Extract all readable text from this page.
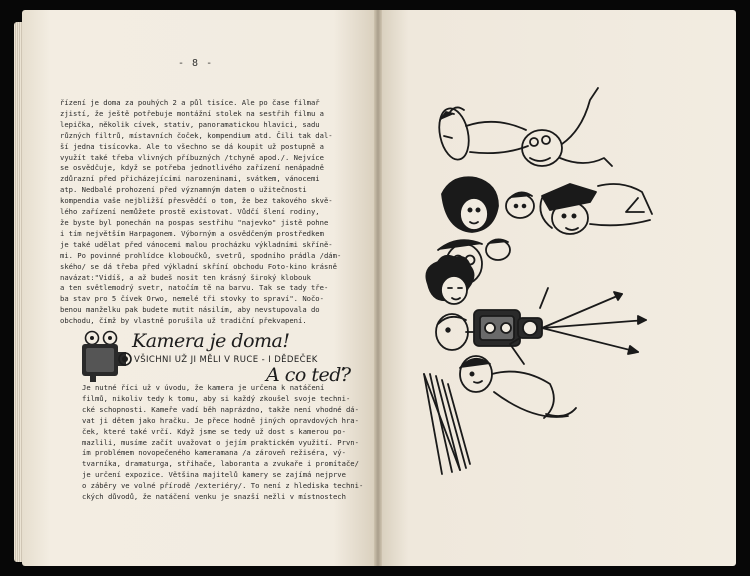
- 8 -
řízení je doma za pouhých 2 a půl tisíce. Ale po čase filmař
zjistí, že ještě potřebuje montážní stolek na sestřih filmu a
lepička, několik cívek, stativ, panoramatickou hlavici, sadu
různých filtrů, místavních čoček, kompendium atd. Čili tak dal-
ší jedna tisícovka. Ale to všechno se dá koupit už postupně a
využít také třeba vlivných příbuzných /tchyně apod./. Nejvíce
se osvědčuje, když se potřeba jednotlivého zařízení nenápadně
zdůrazní před přicházejícími narozeninami, svátkem, vánocemi
atp. Nedbalé prohození před významným datem o užitečnosti
kompendia vaše nejbližší přesvědčí o tom, že bez takového skvě-
lého zařízení nemůžete prostě existovat. Vůdčí šlení rodiny,
že byste byl ponechán na pospas sestřihu "najevko" jistě pohne
i tím největším Harpagonem. Výborným a osvědčeným prostředkem
je také udělat před vánocemi malou procházku výkladními skříně-
mi. Po povinné prohlídce kloboučků, svetrů, spodního prádla /dám-
ského/ se dá třeba před výkladní skříní obchodu Foto-kino krásně
navázat:"Vidíš, a až budeš nosit ten krásný široký klobouk
a ten světlemodrý svetr, natočím tě na barvu. Tak se tady tře-
ba stav pro 5 čívek Orwo, nemelé tři stovky to spraví". Nočo-
benou manželku pak budete mutit násilím, aby nevstupovala do
obchodu, čímž by vlastně porušila už tradiční překvapení.
Kamera je doma!
VŠICHNI UŽ JI MĚLI V RUCE - I DĚDEČEK
A co teď?
Je nutné říci už v úvodu, že kamera je určena k natáčení
filmů, nikoliv tedy k tomu, aby si každý zkoušel svoje techni-
cké schopnosti. Kameře vadí běh naprázdno, takže není vhodné dá-
vat ji dětem jako hračku. Je přece hodně jiných opravdových hra-
ček, které také vrčí. Když jsme se tedy už dost s kamerou po-
mazlili, musíme začít uvažovat o jejím praktickém využití. Prvn-
ím problémem novopečeného kameramana /a zároveň režiséra, vý-
tvarníka, dramaturga, střihače, laboranta a zvukaře i promítače/
je určení expozice. Většina majitelů kamery se zajímá nejprve
o záběry ve volné přírodě /exteriéry/. To není z hlediska techni-
ckých důvodů, že natáčení venku je snazší nežli v místnostech
